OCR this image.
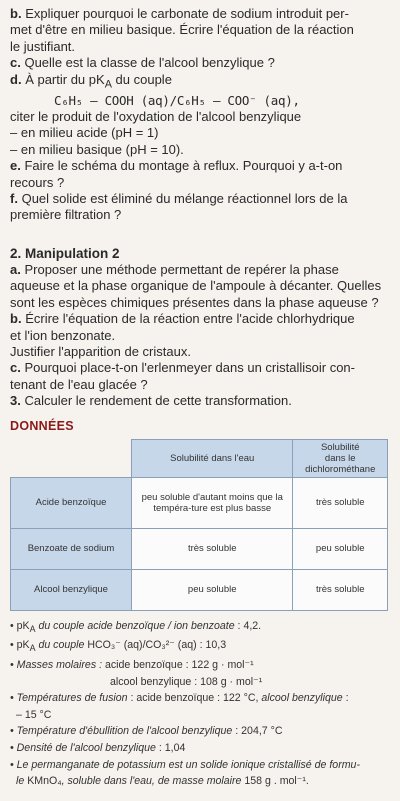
b. Expliquer pourquoi le carbonate de sodium introduit per-

met d'être en milieu basique. Écrire l'équation de la réaction

le justifiant.

c. Quelle est la classe de l'alcool benzylique ?

d. À partir du $pK_A$ du couple

C₆H₅ – COOH (aq)/C₆H₅ – COO⁻ (aq),

citer le produit de l'oxydation de l'alcool benzylique

– en milieu acide (pH = 1)

– en milieu basique (pH = 10).

e. Faire le schéma du montage à reflux. Pourquoi y a-t-on

recours ?

f. Quel solide est éliminé du mélange réactionnel lors de la

première filtration ?

2. Manipulation 2

a. Proposer une méthode permettant de repérer la phase

aqueuse et la phase organique de l'ampoule à décanter. Quelles

sont les espèces chimiques présentes dans la phase aqueuse ?

b. Écrire l'équation de la réaction entre l'acide chlorhydrique

et l'ion benzonate.

Justifier l'apparition de cristaux.

c. Pourquoi place-t-on l'erlenmeyer dans un cristallisoir con-

tenant de l'eau glacée ?

3. Calculer le rendement de cette transformation.

DONNÉES
	Solubilité dans l'eau	Solubilité
dans le dichlorométhane
Acide benzoïque	peu soluble d'autant moins que la tempéra-ture est plus basse	très soluble
Benzoate de sodium	très soluble	peu soluble
Alcool benzylique	peu soluble	très soluble

• $pK_A$ du couple acide benzoïque / ion benzoate : 4,2.

• $pK_A$ du couple HCO₃⁻ (aq)/CO₃²⁻ (aq) : 10,3

• Masses molaires : acide benzoïque : 122 g · mol⁻¹
alcool benzylique : 108 g · mol⁻¹

• Températures de fusion : acide benzoïque : 122 °C, alcool benzylique :

– 15 °C

• Température d'ébullition de l'alcool benzylique : 204,7 °C

• Densité de l'alcool benzylique : 1,04

• Le permanganate de potassium est un solide ionique cristallisé de formu-

le KMnO₄, soluble dans l'eau, de masse molaire 158 g . mol⁻¹.
